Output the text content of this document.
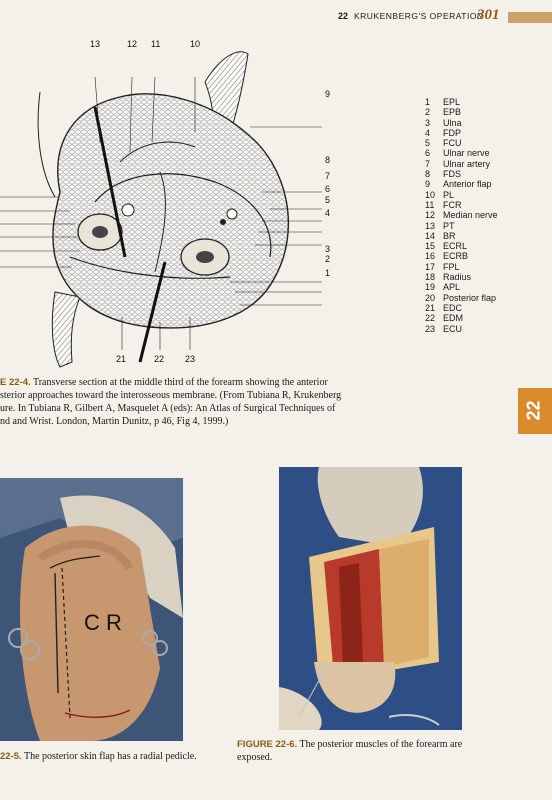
22 KRUKENBERG'S OPERATION
301
13	12 11	10
9
8
7
6
5
4
3
2
1
21	22 23
1	EPL
2	EPB
3	Ulna
4	FDP
5	FCU
6	Ulnar nerve
7	Ulnar artery
8	FDS
9	Anterior flap
10 PL
11 FCR
12 Median nerve
13 PT
14 BR
15 ECRL
16 ECRB
17 FPL
18 Radius
19 APL
20 Posterior flap
21 EDC
22 EDM
23 ECU
E 22-4. Transverse section at the middle third of the forearm showing the anterior
sterior approaches toward the interosseous membrane. (From Tubiana R, Krukenberg
ure. In Tubiana R, Gilbert A, Masquelet A (eds): An Atlas of Surgical Techniques of
nd and Wrist. London, Martin Dunitz, p 46, Fig 4, 1999.)
22
C R
22-5. The posterior skin flap has a radial pedicle.
FIGURE 22-6. The posterior muscles of the forearm are
exposed.
